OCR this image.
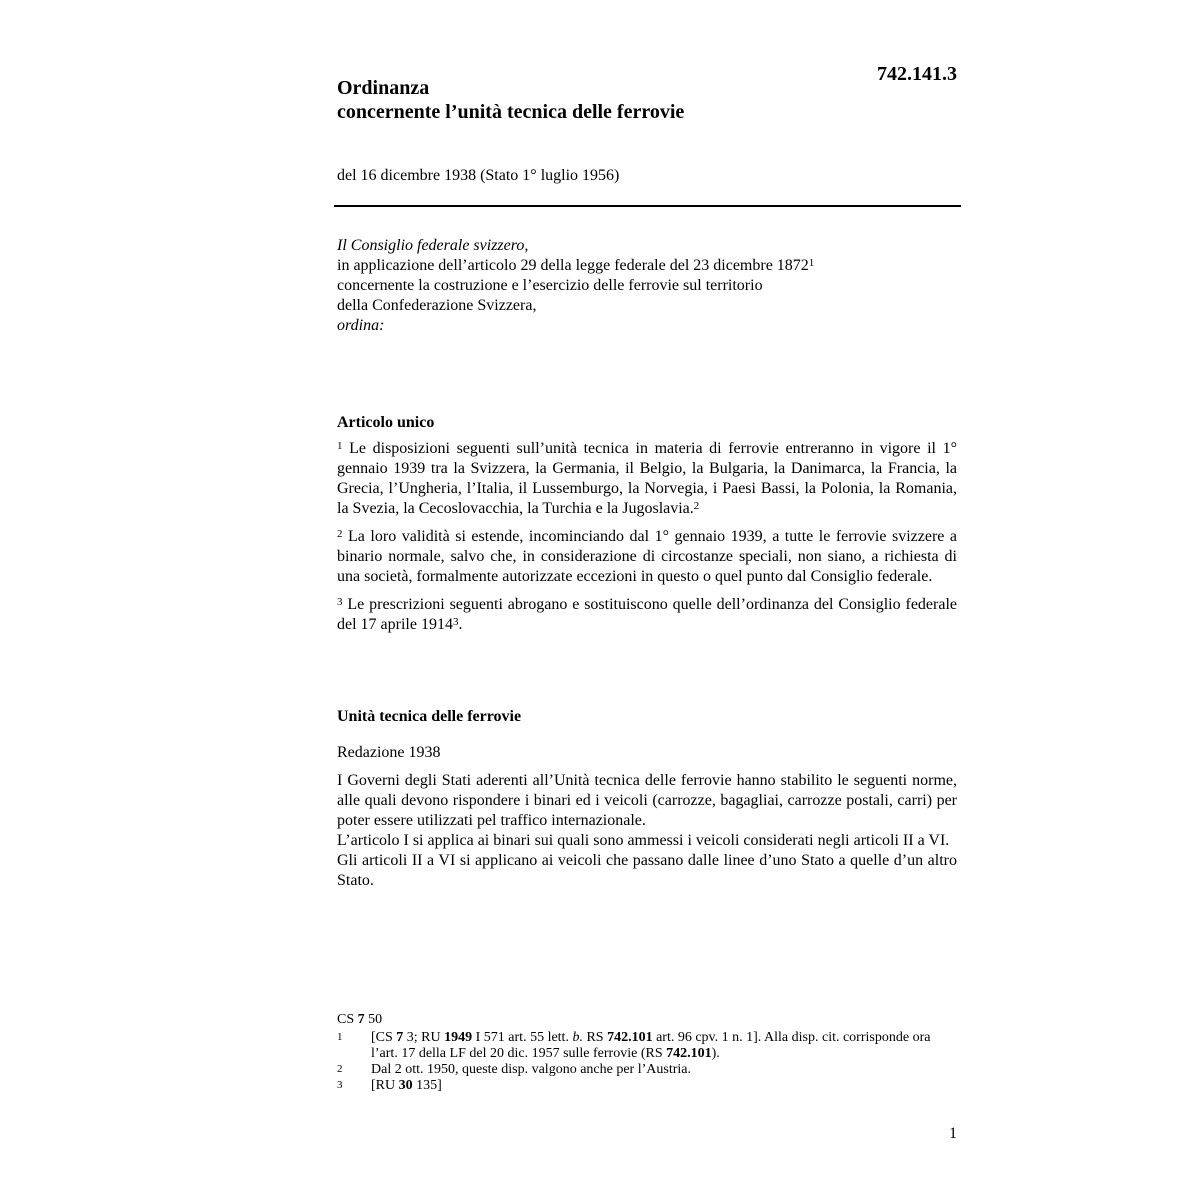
742.141.3
Ordinanza
concernente l’unità tecnica delle ferrovie
del 16 dicembre 1938 (Stato 1° luglio 1956)
Il Consiglio federale svizzero,
in applicazione dell’articolo 29 della legge federale del 23 dicembre 1872$^1$
concernente la costruzione e l’esercizio delle ferrovie sul territorio
della Confederazione Svizzera,
ordina:
Articolo unico

$^1$ Le disposizioni seguenti sull’unità tecnica in materia di ferrovie entreranno in vigore il 1° gennaio 1939 tra la Svizzera, la Germania, il Belgio, la Bulgaria, la Danimarca, la Francia, la Grecia, l’Ungheria, l’Italia, il Lussemburgo, la Norvegia, i Paesi Bassi, la Polonia, la Romania, la Svezia, la Cecoslovacchia, la Turchia e la Jugoslavia.$^2$

$^2$ La loro validità si estende, incominciando dal 1° gennaio 1939, a tutte le ferrovie svizzere a binario normale, salvo che, in considerazione di circostanze speciali, non siano, a richiesta di una società, formalmente autorizzate eccezioni in questo o quel punto dal Consiglio federale.

$^3$ Le prescrizioni seguenti abrogano e sostituiscono quelle dell’ordinanza del Consiglio federale del 17 aprile 1914$^3$.

Unità tecnica delle ferrovie
Redazione 1938
I Governi degli Stati aderenti all’Unità tecnica delle ferrovie hanno stabilito le seguenti norme, alle quali devono rispondere i binari ed i veicoli (carrozze, bagagliai, carrozze postali, carri) per poter essere utilizzati pel traffico internazionale.
L’articolo I si applica ai binari sui quali sono ammessi i veicoli considerati negli articoli II a VI.
Gli articoli II a VI si applicano ai veicoli che passano dalle linee d’uno Stato a quelle d’un altro Stato.
CS 7 50
1	[CS 7 3; RU 1949 I 571 art. 55 lett. b. RS 742.101 art. 96 cpv. 1 n. 1]. Alla disp. cit. corrisponde ora l’art. 17 della LF del 20 dic. 1957 sulle ferrovie (RS 742.101).
2	Dal 2 ott. 1950, queste disp. valgono anche per l’Austria.
3	[RU 30 135]
1
